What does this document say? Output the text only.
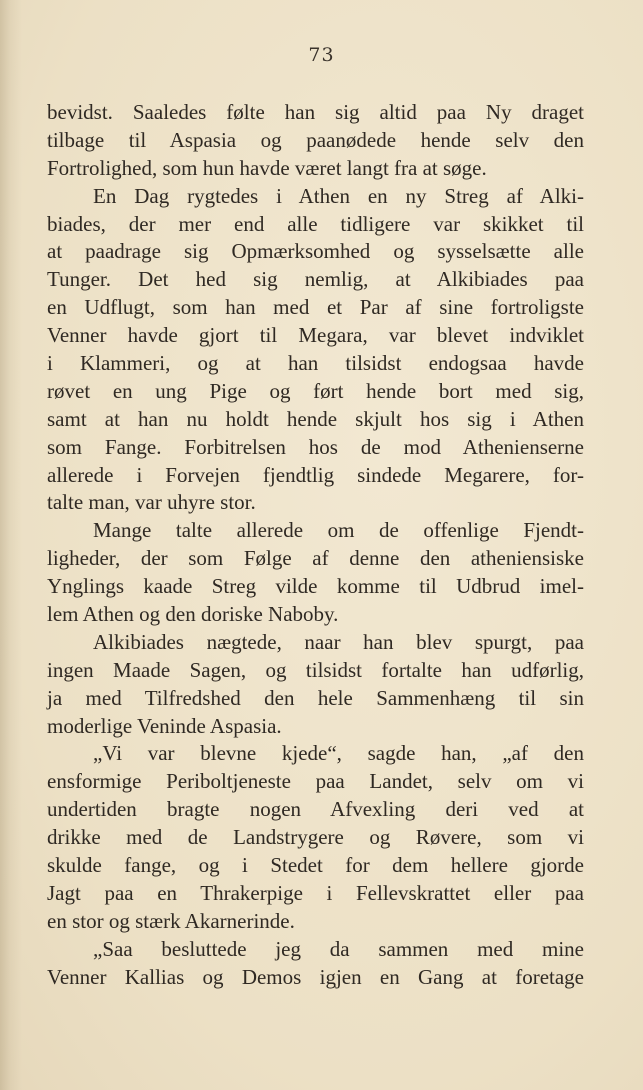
73
bevidst. Saaledes følte han sig altid paa Ny draget
tilbage til Aspasia og paanødede hende selv den
Fortrolighed, som hun havde været langt fra at søge.
En Dag rygtedes i Athen en ny Streg af Alki-
biades, der mer end alle tidligere var skikket til
at paadrage sig Opmærksomhed og sysselsætte alle
Tunger. Det hed sig nemlig, at Alkibiades paa
en Udflugt, som han med et Par af sine fortroligste
Venner havde gjort til Megara, var blevet indviklet
i Klammeri, og at han tilsidst endogsaa havde
røvet en ung Pige og ført hende bort med sig,
samt at han nu holdt hende skjult hos sig i Athen
som Fange. Forbitrelsen hos de mod Athenienserne
allerede i Forvejen fjendtlig sindede Megarere, for-
talte man, var uhyre stor.
Mange talte allerede om de offenlige Fjendt-
ligheder, der som Følge af denne den atheniensiske
Ynglings kaade Streg vilde komme til Udbrud imel-
lem Athen og den doriske Naboby.
Alkibiades nægtede, naar han blev spurgt, paa
ingen Maade Sagen, og tilsidst fortalte han udførlig,
ja med Tilfredshed den hele Sammenhæng til sin
moderlige Veninde Aspasia.
„Vi var blevne kjede“, sagde han, „af den
ensformige Periboltjeneste paa Landet, selv om vi
undertiden bragte nogen Afvexling deri ved at
drikke med de Landstrygere og Røvere, som vi
skulde fange, og i Stedet for dem hellere gjorde
Jagt paa en Thrakerpige i Fellevskrattet eller paa
en stor og stærk Akarnerinde.
„Saa besluttede jeg da sammen med mine
Venner Kallias og Demos igjen en Gang at foretage
